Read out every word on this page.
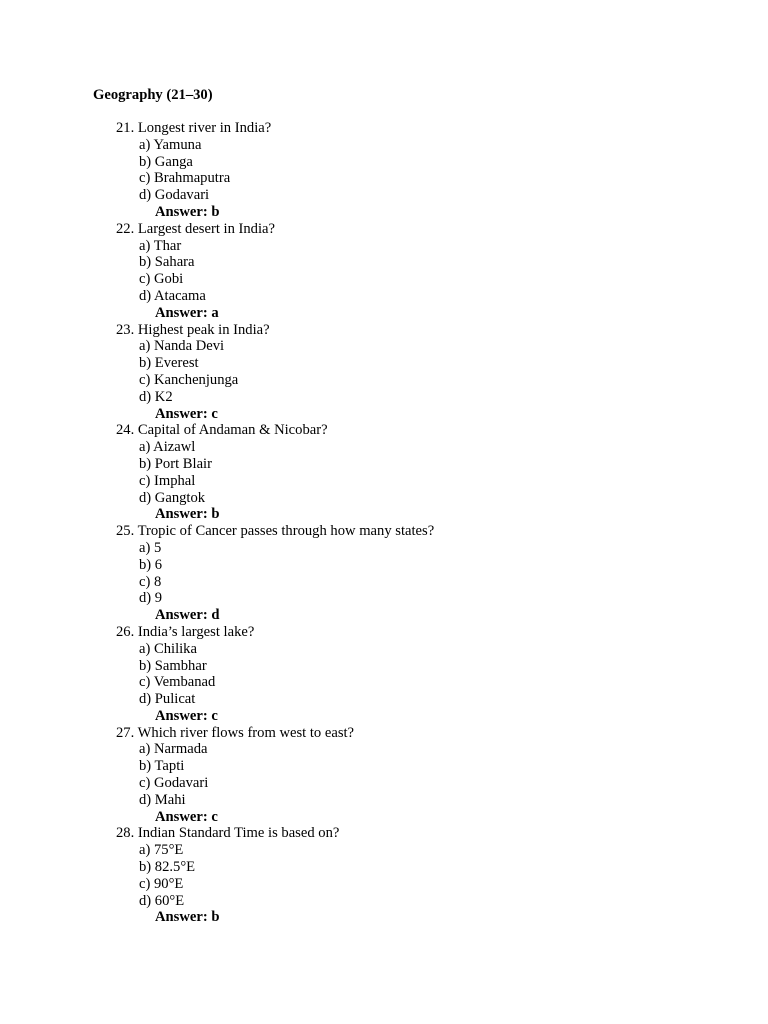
Geography (21–30)
21. Longest river in India?
a) Yamuna
b) Ganga
c) Brahmaputra
d) Godavari
Answer: b
22. Largest desert in India?
a) Thar
b) Sahara
c) Gobi
d) Atacama
Answer: a
23. Highest peak in India?
a) Nanda Devi
b) Everest
c) Kanchenjunga
d) K2
Answer: c
24. Capital of Andaman & Nicobar?
a) Aizawl
b) Port Blair
c) Imphal
d) Gangtok
Answer: b
25. Tropic of Cancer passes through how many states?
a) 5
b) 6
c) 8
d) 9
Answer: d
26. India’s largest lake?
a) Chilika
b) Sambhar
c) Vembanad
d) Pulicat
Answer: c
27. Which river flows from west to east?
a) Narmada
b) Tapti
c) Godavari
d) Mahi
Answer: c
28. Indian Standard Time is based on?
a) 75°E
b) 82.5°E
c) 90°E
d) 60°E
Answer: b
